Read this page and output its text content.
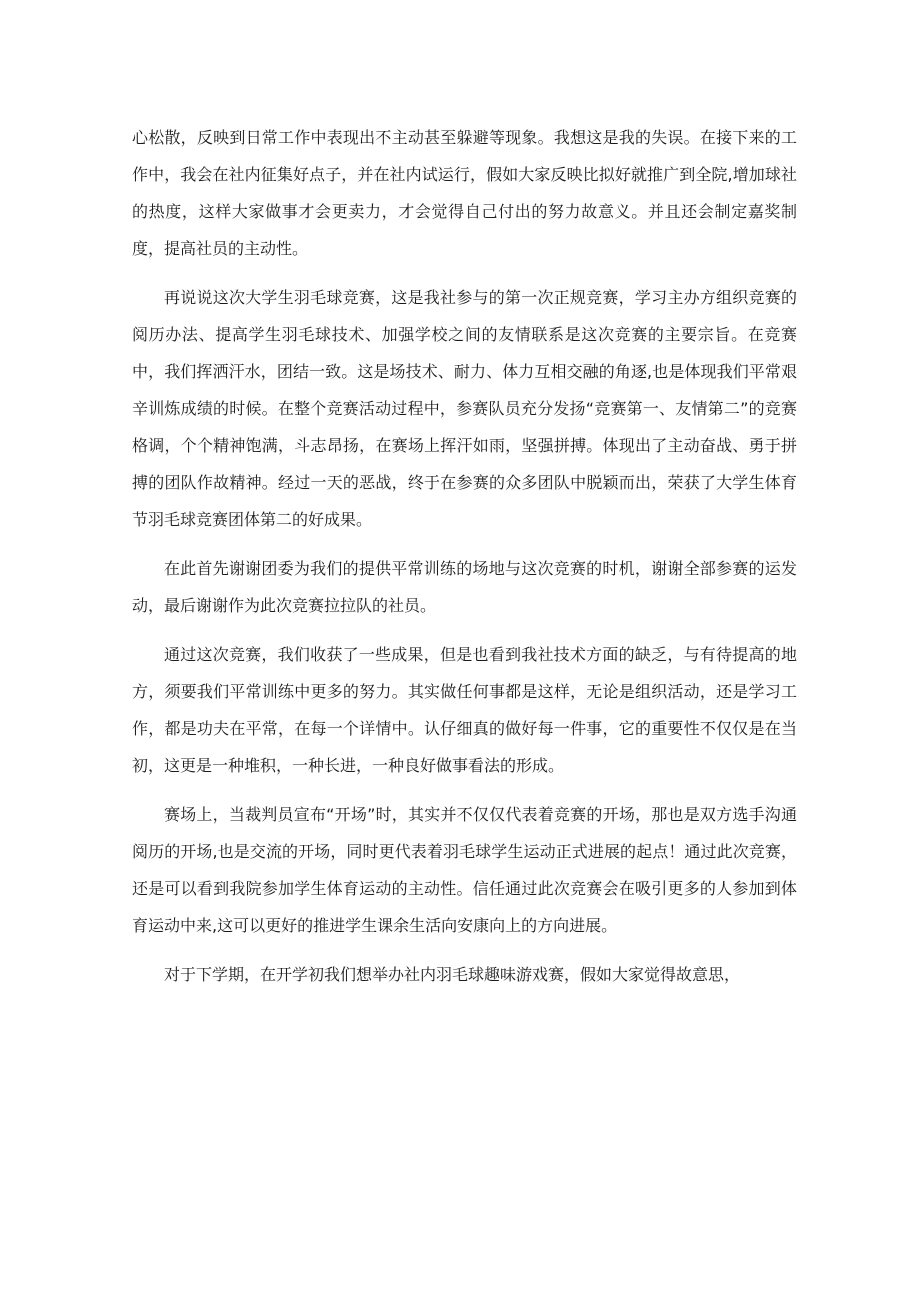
心松散，反映到日常工作中表现出不主动甚至躲避等现象。我想这是我的失误。在接下来的工作中，我会在社内征集好点子，并在社内试运行，假如大家反映比拟好就推广到全院,增加球社的热度，这样大家做事才会更卖力，才会觉得自己付出的努力故意义。并且还会制定嘉奖制度，提高社员的主动性。

再说说这次大学生羽毛球竞赛，这是我社参与的第一次正规竞赛，学习主办方组织竞赛的阅历办法、提高学生羽毛球技术、加强学校之间的友情联系是这次竞赛的主要宗旨。在竞赛中，我们挥洒汗水，团结一致。这是场技术、耐力、体力互相交融的角逐,也是体现我们平常艰辛训炼成绩的时候。在整个竞赛活动过程中，参赛队员充分发扬“竞赛第一、友情第二”的竞赛格调，个个精神饱满，斗志昂扬，在赛场上挥汗如雨，坚强拼搏。体现出了主动奋战、勇于拼搏的团队作故精神。经过一天的恶战，终于在参赛的众多团队中脱颖而出，荣获了大学生体育节羽毛球竞赛团体第二的好成果。

在此首先谢谢团委为我们的提供平常训练的场地与这次竞赛的时机，谢谢全部参赛的运发动，最后谢谢作为此次竞赛拉拉队的社员。

通过这次竞赛，我们收获了一些成果，但是也看到我社技术方面的缺乏，与有待提高的地方，须要我们平常训练中更多的努力。其实做任何事都是这样，无论是组织活动，还是学习工作，都是功夫在平常，在每一个详情中。认仔细真的做好每一件事，它的重要性不仅仅是在当初，这更是一种堆积，一种长进，一种良好做事看法的形成。

赛场上，当裁判员宣布“开场”时，其实并不仅仅代表着竞赛的开场，那也是双方选手沟通阅历的开场,也是交流的开场，同时更代表着羽毛球学生运动正式进展的起点！通过此次竞赛，还是可以看到我院参加学生体育运动的主动性。信任通过此次竞赛会在吸引更多的人参加到体育运动中来,这可以更好的推进学生课余生活向安康向上的方向进展。

对于下学期，在开学初我们想举办社内羽毛球趣味游戏赛，假如大家觉得故意思，
